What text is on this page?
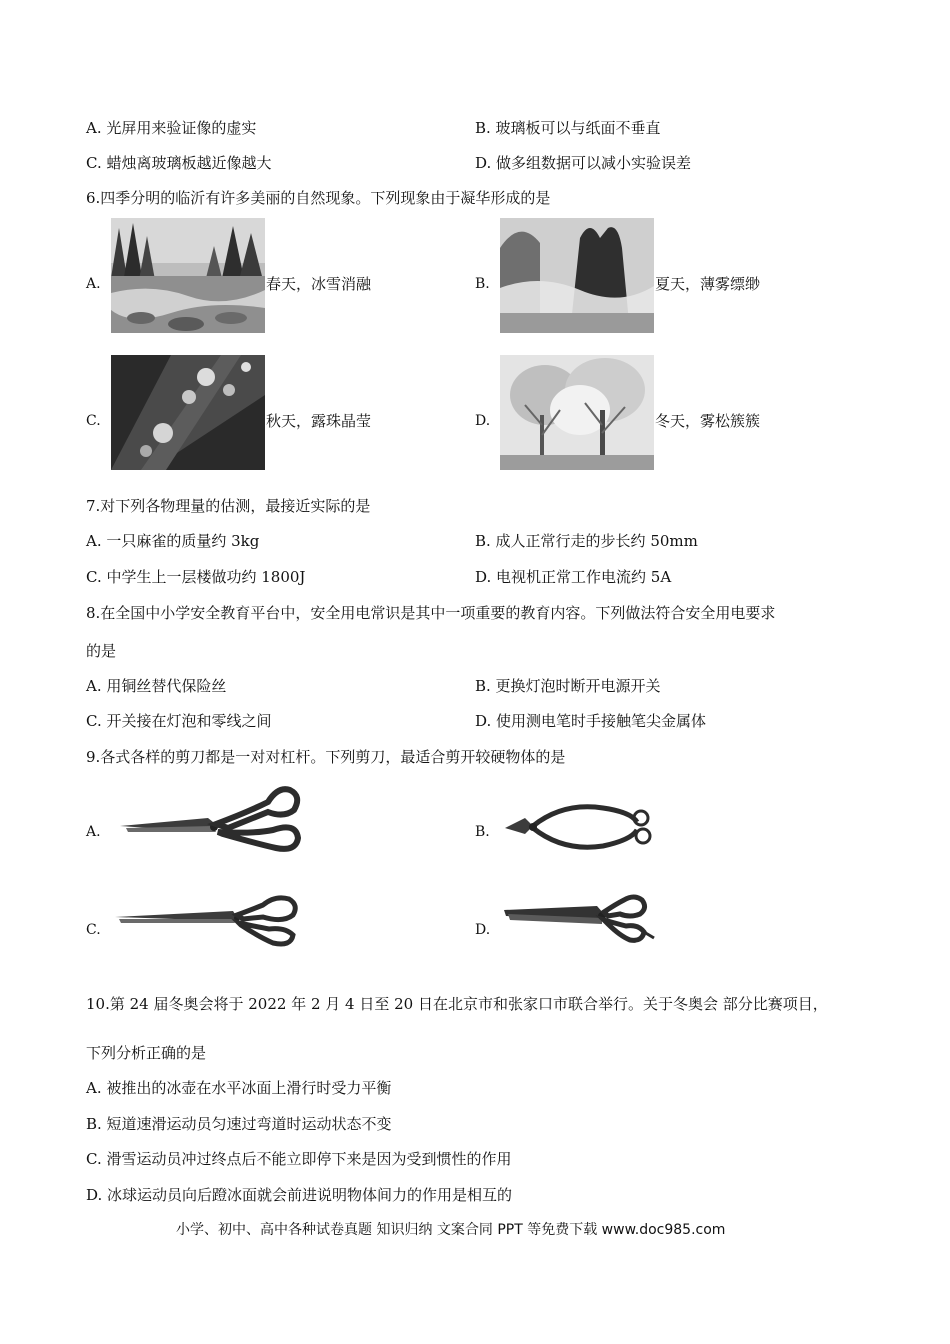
A. 光屏用来验证像的虚实	B. 玻璃板可以与纸面不垂直
C. 蜡烛离玻璃板越近像越大	D. 做多组数据可以减小实验误差
6.四季分明的临沂有许多美丽的自然现象。下列现象由于凝华形成的是
A.	春天，冰雪消融	B.	夏天，薄雾缥缈
C.	秋天，露珠晶莹	D.	冬天，雾松簇簇
7.对下列各物理量的估测，最接近实际的是
A. 一只麻雀的质量约 3kg	B. 成人正常行走的步长约 50mm
C. 中学生上一层楼做功约 1800J	D. 电视机正常工作电流约 5A
8.在全国中小学安全教育平台中，安全用电常识是其中一项重要的教育内容。下列做法符合安全用电要求
的是
A. 用铜丝替代保险丝	B. 更换灯泡时断开电源开关
C. 开关接在灯泡和零线之间	D. 使用测电笔时手接触笔尖金属体
9.各式各样的剪刀都是一对对杠杆。下列剪刀，最适合剪开较硬物体的是
A.	B.
C.	D.
10.第 24 届冬奥会将于 2022 年 2 月 4 日至 20 日在北京市和张家口市联合举行。关于冬奥会 部分比赛项目，
下列分析正确的是
A. 被推出的冰壶在水平冰面上滑行时受力平衡
B. 短道速滑运动员匀速过弯道时运动状态不变
C. 滑雪运动员冲过终点后不能立即停下来是因为受到惯性的作用
D. 冰球运动员向后蹬冰面就会前进说明物体间力的作用是相互的
小学、初中、高中各种试卷真题 知识归纳 文案合同 PPT 等免费下载 www.doc985.com
